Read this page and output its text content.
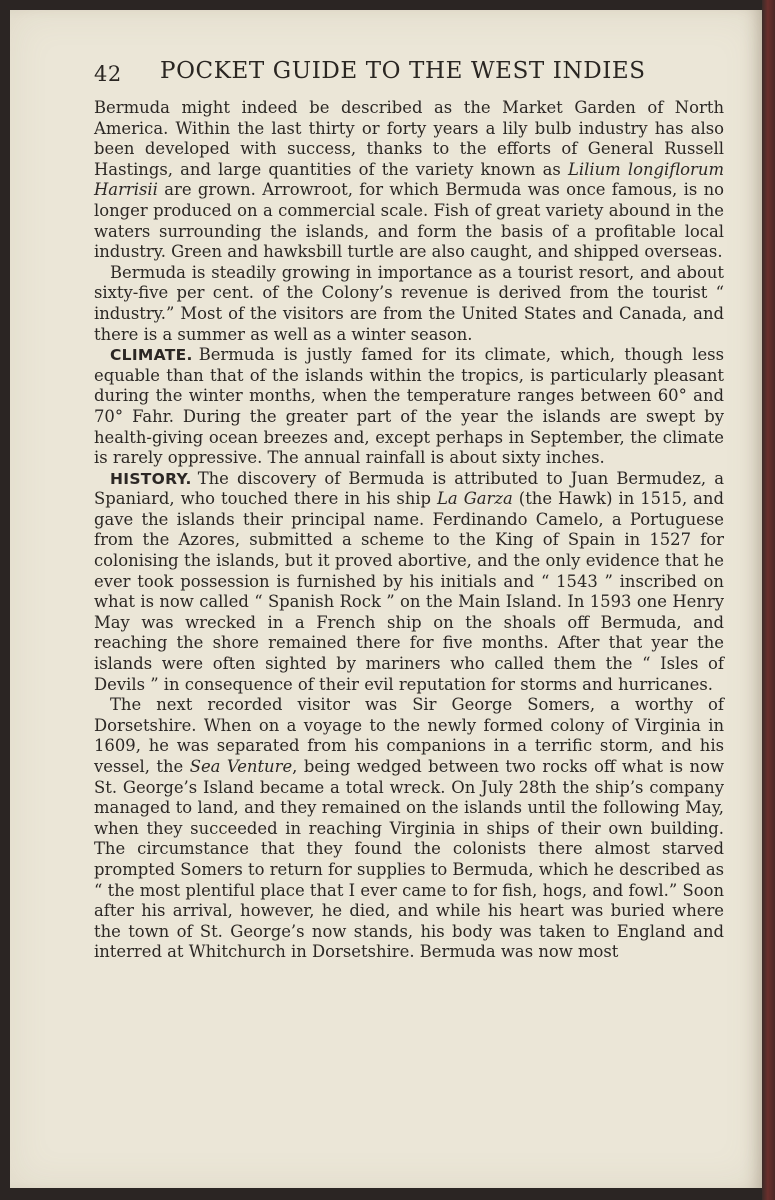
42 POCKET GUIDE TO THE WEST INDIES

Bermuda might indeed be described as the Market Garden of North America. Within the last thirty or forty years a lily bulb industry has also been developed with success, thanks to the efforts of General Russell Hastings, and large quantities of the variety known as Lilium longiflorum Harrisii are grown. Arrowroot, for which Bermuda was once famous, is no longer produced on a commercial scale. Fish of great variety abound in the waters surrounding the islands, and form the basis of a profitable local industry. Green and hawksbill turtle are also caught, and shipped overseas.

Bermuda is steadily growing in importance as a tourist resort, and about sixty-five per cent. of the Colony’s revenue is derived from the tourist “ industry.” Most of the visitors are from the United States and Canada, and there is a summer as well as a winter season.

CLIMATE. Bermuda is justly famed for its climate, which, though less equable than that of the islands within the tropics, is particularly pleasant during the winter months, when the temperature ranges between 60° and 70° Fahr. During the greater part of the year the islands are swept by health-giving ocean breezes and, except perhaps in September, the climate is rarely oppressive. The annual rainfall is about sixty inches.

HISTORY. The discovery of Bermuda is attributed to Juan Bermudez, a Spaniard, who touched there in his ship La Garza (the Hawk) in 1515, and gave the islands their principal name. Ferdinando Camelo, a Portuguese from the Azores, submitted a scheme to the King of Spain in 1527 for colonising the islands, but it proved abortive, and the only evidence that he ever took possession is furnished by his initials and “ 1543 ” inscribed on what is now called “ Spanish Rock ” on the Main Island. In 1593 one Henry May was wrecked in a French ship on the shoals off Bermuda, and reaching the shore remained there for five months. After that year the islands were often sighted by mariners who called them the “ Isles of Devils ” in consequence of their evil reputation for storms and hurricanes.

The next recorded visitor was Sir George Somers, a worthy of Dorsetshire. When on a voyage to the newly formed colony of Virginia in 1609, he was separated from his companions in a terrific storm, and his vessel, the Sea Venture, being wedged between two rocks off what is now St. George’s Island became a total wreck. On July 28th the ship’s company managed to land, and they remained on the islands until the following May, when they succeeded in reaching Virginia in ships of their own building. The circumstance that they found the colonists there almost starved prompted Somers to return for supplies to Bermuda, which he described as “ the most plentiful place that I ever came to for fish, hogs, and fowl.” Soon after his arrival, however, he died, and while his heart was buried where the town of St. George’s now stands, his body was taken to England and interred at Whitchurch in Dorsetshire. Bermuda was now most
